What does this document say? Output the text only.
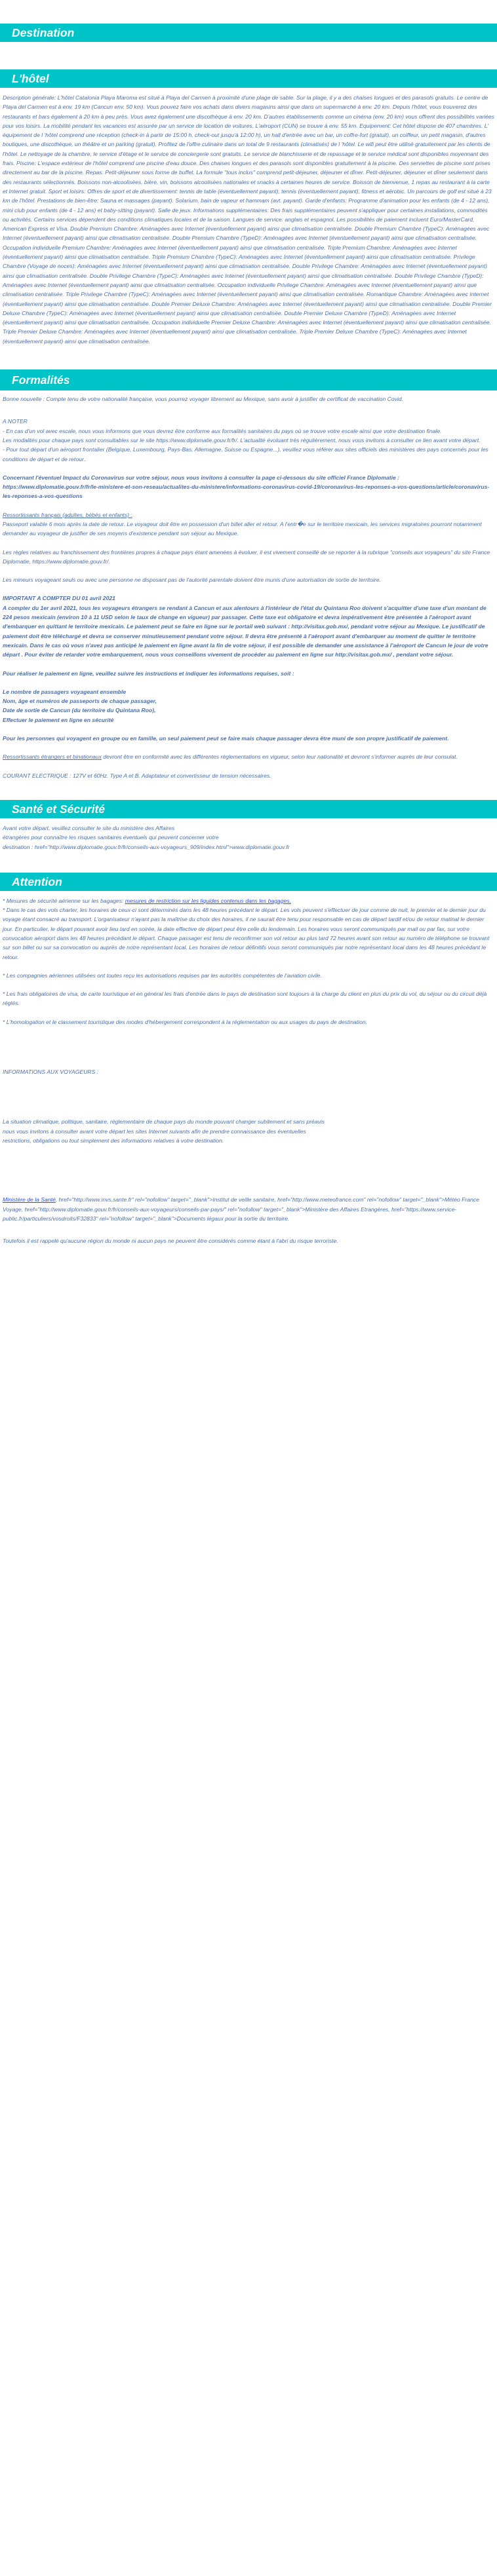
Destination
L'hôtel

Description générale: L'hôtel Catalonia Playa Maroma est situé à Playa del Carmen à proximité d'une plage de sable. Sur la plage, il y a des chaises longues et des parasols gratuits. Le centre de Playa del Carmen est à env. 19 km (Cancun env. 50 km). Vous pouvez faire vos achats dans divers magasins ainsi que dans un supermarché à env. 20 km. Depuis l'hôtel, vous trouverez des restaurants et bars également à 20 km à peu près. Vous avez également une discothèque à env. 20 km. D'autres établissements comme un cinéma (env. 20 km) vous offrent des possibilités variées pour vos loisirs. La mobilité pendant les vacances est assurée par un service de location de voitures. L'aéroport (CUN) se trouve à env. 55 km. Equipement: Cet hôtel dispose de 407 chambres. L' équipement de l 'hôtel comprend une réception (check-in à partir de 15:00 h, check-out jusqu'à 12:00 h), un hall d'entrée avec un bar, un coffre-fort (gratuit), un coiffeur, un petit magasin, d'autres boutiques, une discothèque, un théâtre et un parking (gratuit). Profitez de l'offre culinaire dans un total de 9 restaurants (climatisés) de l 'hôtel. Le wifi peut être utilisé gratuitement par les clients de l'hôtel. Le nettoyage de la chambre, le service d'étage et le service de conciergerie sont gratuits. Le service de blanchisserie et de repassage et le service médical sont disponibles moyennant des frais. Piscine: L'espace extérieur de l'hôtel comprend une piscine d'eau douce. Des chaises longues et des parasols sont disponibles gratuitement à la piscine. Des serviettes de piscine sont prises directement au bar de la piscine. Repas: Petit-déjeuner sous forme de buffet. La formule "tous inclus" comprend petit-déjeuner, déjeuner et dîner. Petit-déjeuner, déjeuner et dîner seulement dans des restaurants sélectionnés. Boissons non-alcoolisées, bière, vin, boissons alcoolisées nationales et snacks à certaines heures de service. Boisson de bienvenue, 1 repas au restaurant à la carte et Internet gratuit. Sport et loisirs: Offres de sport et de divertissement: tennis de table (éventuellement payant), tennis (éventuellement payant), fitness et aérobic. Un parcours de golf est situé à 23 km de l'hôtel. Prestations de bien-être: Sauna et massages (payant). Solarium, bain de vapeur et hammam (avt. payant). Garde d'enfants: Programme d'animation pour les enfants (de 4 - 12 ans), mini club pour enfants (de 4 - 12 ans) et baby-sitting (payant). Salle de jeux. Informations supplémentaires: Des frais supplémentaires peuvent s'appliquer pour certaines installations, commodités ou activités. Certains services dépendent des conditions climatiques locales et de la saison. Langues de service: anglais et espagnol. Les possibilités de paiement incluent Euro/MasterCard, American Express et Visa. Double Premium Chambre: Aménagées avec Internet (éventuellement payant) ainsi que climatisation centralisée. Double Premium Chambre (TypeC): Aménagées avec Internet (éventuellement payant) ainsi que climatisation centralisée. Double Premium Chambre (TypeD): Aménagées avec Internet (éventuellement payant) ainsi que climatisation centralisée. Occupation individuelle Premium Chambre: Aménagées avec Internet (éventuellement payant) ainsi que climatisation centralisée. Triple Premium Chambre: Aménagées avec Internet (éventuellement payant) ainsi que climatisation centralisée. Triple Premium Chambre (TypeC): Aménagées avec Internet (éventuellement payant) ainsi que climatisation centralisée. Privilege Chambre (Voyage de noces): Aménagées avec Internet (éventuellement payant) ainsi que climatisation centralisée. Double Privilege Chambre: Aménagées avec Internet (éventuellement payant) ainsi que climatisation centralisée. Double Privilege Chambre (TypeC): Aménagées avec Internet (éventuellement payant) ainsi que climatisation centralisée. Double Privilege Chambre (TypeD): Aménagées avec Internet (éventuellement payant) ainsi que climatisation centralisée. Occupation individuelle Privilege Chambre: Aménagées avec Internet (éventuellement payant) ainsi que climatisation centralisée. Triple Privilege Chambre (TypeC): Aménagées avec Internet (éventuellement payant) ainsi que climatisation centralisée. Romantique Chambre: Aménagées avec Internet (éventuellement payant) ainsi que climatisation centralisée. Double Premier Deluxe Chambre: Aménagées avec Internet (éventuellement payant) ainsi que climatisation centralisée. Double Premier Deluxe Chambre (TypeC): Aménagées avec Internet (éventuellement payant) ainsi que climatisation centralisée. Double Premier Deluxe Chambre (TypeD): Aménagées avec Internet (éventuellement payant) ainsi que climatisation centralisée. Occupation individuelle Premier Deluxe Chambre: Aménagées avec Internet (éventuellement payant) ainsi que climatisation centralisée. Triple Premier Deluxe Chambre: Aménagées avec Internet (éventuellement payant) ainsi que climatisation centralisée. Triple Premier Deluxe Chambre (TypeC): Aménagées avec Internet (éventuellement payant) ainsi que climatisation centralisée.

Formalités

Bonne nouvelle : Compte tenu de votre nationalité française, vous pourrez voyager librement au Mexique, sans avoir à justifier de certificat de vaccination Covid.

A NOTER

- En cas d'un vol avec escale, nous vous informons que vous devrez être conforme aux formalités sanitaires du pays où se trouve votre escale ainsi que votre destination finale.

Les modalités pour chaque pays sont consultables sur le site https://www.diplomatie.gouv.fr/fr/. L'actualité évoluant très régulièrement, nous vous invitons à consulter ce lien avant votre départ.

- Pour tout départ d'un aéroport frontalier (Belgique, Luxembourg, Pays-Bas, Allemagne, Suisse ou Espagne...), veuillez vous référer aux sites officiels des ministères des pays concernés pour les conditions de départ et de retour..

Concernant l'éventuel Impact du Coronavirus sur votre séjour, nous vous invitons à consulter la page ci-dessous du site officiel France Diplomatie : https://www.diplomatie.gouv.fr/fr/le-ministere-et-son-reseau/actualites-du-ministere/informations-coronavirus-covid-19/coronavirus-les-reponses-a-vos-questions/article/coronavirus-les-reponses-a-vos-questions

Ressortissants français (adultes, bébés et enfants) :

Passeport valable 6 mois après la date de retour. Le voyageur doit être en possession d'un billet aller et retour. A l'entr�e sur le territoire mexicain, les services migratoires pourront notamment demander au voyageur de justifier de ses moyens d'existence pendant son séjour au Mexique.

Les règles relatives au franchissement des frontières propres à chaque pays étant amenées à évoluer, il est vivement conseillé de se reporter à la rubrique "conseils aux voyageurs" du site France Diplomatie, https://www.diplomatie.gouv.fr/.

Les mineurs voyageant seuls ou avec une personne ne disposant pas de l'autorité parentale doivent être munis d'une autorisation de sortie de territoire.

IMPORTANT A COMPTER DU 01 avril 2021

A compter du 1er avril 2021, tous les voyageurs étrangers se rendant à Cancun et aux alentours à l'intérieur de l'état du Quintana Roo doivent s'acquitter d'une taxe d'un montant de 224 pesos mexicain (environ 10 à 11 USD selon le taux de change en vigueur) par passager. Cette taxe est obligatoire et devra impérativement être présentée à l'aéroport avant d'embarquer en quittant le territoire mexicain. Le paiement peut se faire en ligne sur le portail web suivant : http://visitax.gob.mx/, pendant votre séjour au Mexique. Le justificatif de paiement doit être téléchargé et devra se conserver minutieusement pendant votre séjour. Il devra être présenté à l'aéroport avant d'embarquer au moment de quitter le territoire mexicain. Dans le cas où vous n'avez pas anticipé le paiement en ligne avant la fin de votre séjour, il est possible de demander une assistance à l'aéroport de Cancun le jour de votre départ . Pour éviter de retarder votre embarquement, nous vous conseillons vivement de procéder au paiement en ligne sur http://visitax.gob.mx/ , pendant votre séjour.

Pour réaliser le paiement en ligne, veuillez suivre les instructions et indiquer les informations requises, soit :

Le nombre de passagers voyageant ensemble

Nom, âge et numéros de passeports de chaque passager,

Date de sortie de Cancun (du territoire du Quintana Roo),

Effectuer le paiement en ligne en sécurité

Pour les personnes qui voyagent en groupe ou en famille, un seul paiement peut se faire mais chaque passager devra être muni de son propre justificatif de paiement.

Ressortissants étrangers et binationaux devront être en conformité avec les différentes réglementations en vigueur, selon leur nationalité et devront s'informer auprès de leur consulat.

COURANT ELECTRIQUE : 127V et 60Hz. Type A et B. Adaptateur et convertisseur de tension nécessaires.

Santé et Sécurité

Avant votre départ, veuillez consulter le site du ministère des Affaires

étrangères pour connaître les risques sanitaires éventuels qui peuvent concerner votre

destination : href="http://www.diplomatie.gouv.fr/fr/conseils-aux-voyageurs_909/index.html">www.diplomatie.gouv.fr

Attention

* Mesures de sécurité aérienne sur les bagages: mesures de restriction sur les liquides contenus dans les bagages.

* Dans le cas des vols charter, les horaires de ceux-ci sont déterminés dans les 48 heures précédant le départ. Les vols peuvent s'effectuer de jour comme de nuit, le premier et le dernier jour du voyage étant consacré au transport. L'organisateur n'ayant pas la maîtrise du choix des horaires, il ne saurait être tenu pour responsable en cas de départ tardif et/ou de retour matinal le dernier jour. En particulier, le départ pouvant avoir lieu tard en soirée, la date effective de départ peut être celle du lendemain. Les horaires vous seront communiqués par mail ou par fax, sur votre convocation aéroport dans les 48 heures précédant le départ. Chaque passager est tenu de reconfirmer son vol retour au plus tard 72 heures avant son retour au numéro de téléphone se trouvant sur son billet ou sur sa convocation ou auprès de notre représentant local. Les horaires de retour définitifs vous seront communiqués par notre représentant local dans les 48 heures précédant le retour.

* Les compagnies aériennes utilisées ont toutes reçu les autorisations requises par les autorités compétentes de l'aviation civile.

* Les frais obligatoires de visa, de carte touristique et en général les frais d'entrée dans le pays de destination sont toujours à la charge du client en plus du prix du vol, du séjour ou du circuit déjà réglés.

* L'homologation et le classement touristique des modes d'hébergement correspondent à la réglementation ou aux usages du pays de destination.

INFORMATIONS AUX VOYAGEURS :

La situation climatique, politique, sanitaire, réglementaire de chaque pays du monde pouvant changer subitement et sans préavis

nous vous invitons à consulter avant votre départ les sites Internet suivants afin de prendre connaissance des éventuelles

restrictions, obligations ou tout simplement des informations relatives à votre destination.

Ministère de la Santé, href="http://www.invs.sante.fr" rel="nofollow" target="_blank">Institut de veille sanitaire, href="http://www.meteofrance.com" rel="nofollow" target="_blank">Météo France Voyage, href="http://www.diplomatie.gouv.fr/fr/conseils-aux-voyageurs/conseils-par-pays/" rel="nofollow" target="_blank">Ministère des Affaires Etrangères, href="https://www.service-public.fr/particuliers/vosdroits/F32833" rel="nofollow" target="_blank">Documents légaux pour la sortie du territoire.

Toutefois il est rappelé qu'aucune région du monde ni aucun pays ne peuvent être considérés comme étant à l'abri du risque terroriste.
